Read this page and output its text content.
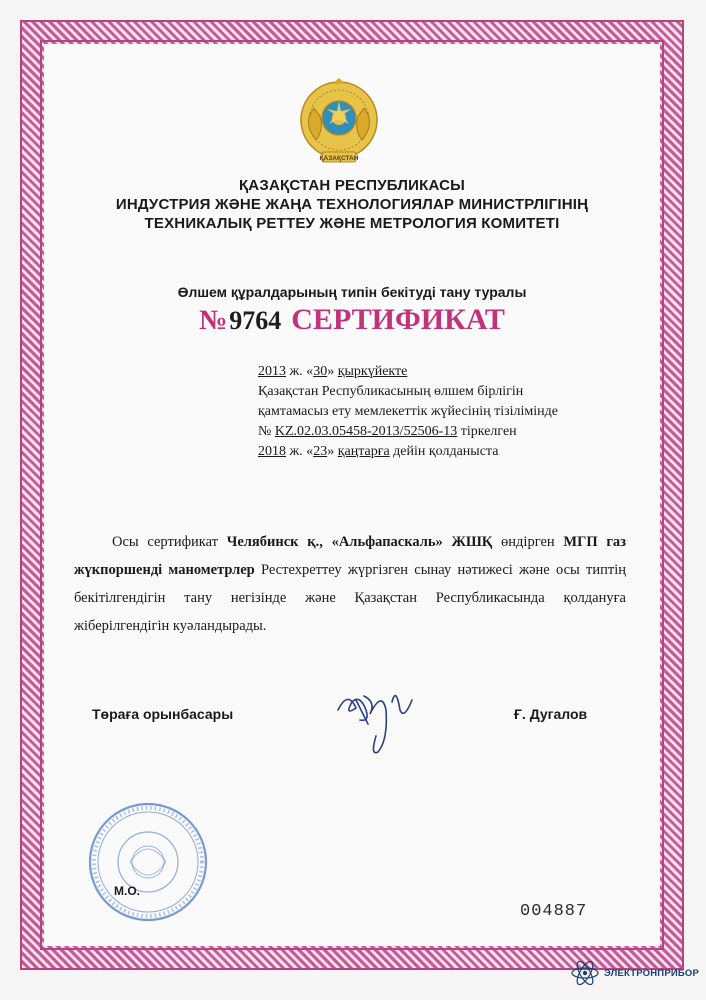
ҚАЗАҚСТАН
ҚАЗАҚСТАН РЕСПУБЛИКАСЫ
ИНДУСТРИЯ ЖӘНЕ ЖАҢА ТЕХНОЛОГИЯЛАР МИНИСТРЛІГІНІҢ
ТЕХНИКАЛЫҚ РЕТТЕУ ЖӘНЕ МЕТРОЛОГИЯ КОМИТЕТІ
Өлшем құралдарының типін бекітуді тану туралы
№9764 СЕРТИФИКАТ
2013 ж. «30» қыркүйекте
Қазақстан Республикасының өлшем бірлігін
қамтамасыз ету мемлекеттік жүйесінің тізілімінде
№ KZ.02.03.05458-2013/52506-13 тіркелген
2018 ж. «23» қаңтарға дейін қолданыста
Осы сертификат Челябинск қ., «Альфапаскаль» ЖШҚ өндірген МГП газ жүкпоршенді манометрлер Рестехреттеу жүргізген сынау нәтижесі және осы типтің бекітілгендігін тану негізінде және Қазақстан Республикасында қолдануға жіберілгендігін куәландырады.
Төраға орынбасары	Ғ. Дугалов
М.О.
004887
ЭЛЕКТРОНПРИБОР
